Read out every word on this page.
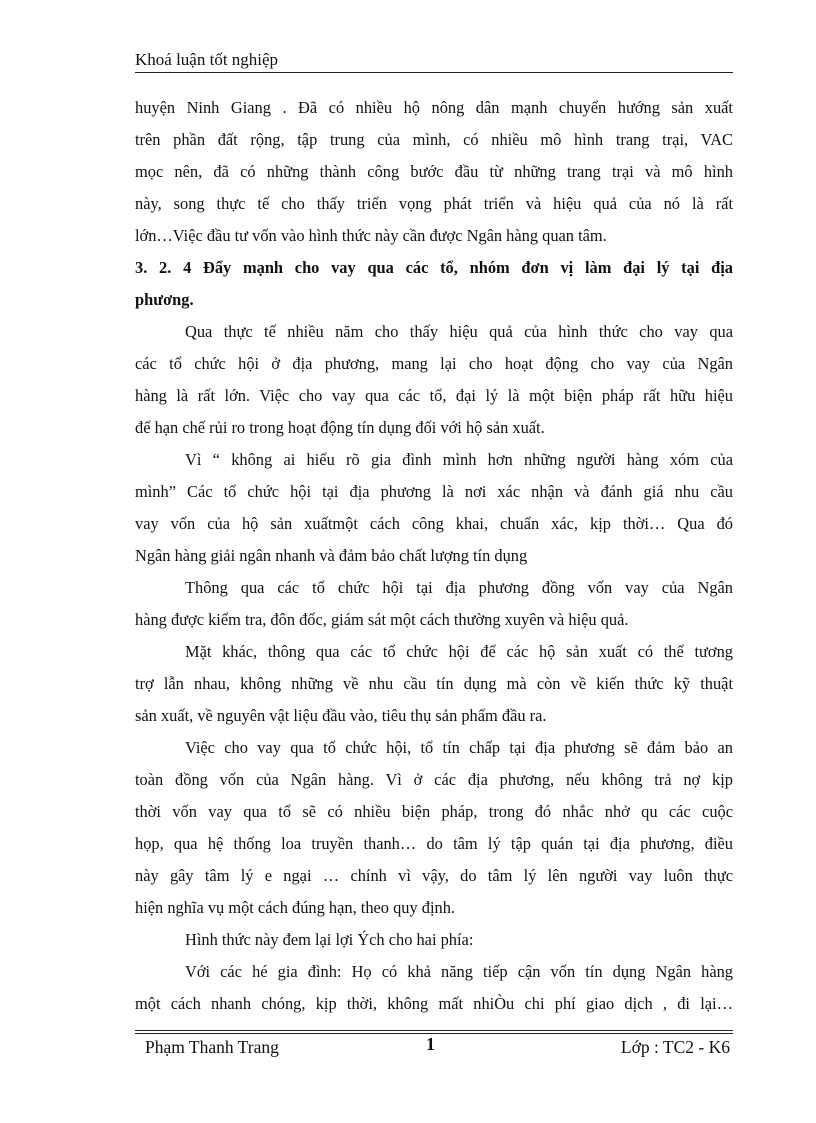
Khoá luận tốt nghiệp
huyện Ninh Giang . Đã có nhiều hộ nông dân mạnh chuyển hướng sản xuất
trên phần đất rộng, tập trung của mình, có nhiều mô hình trang trại, VAC
mọc nên, đã có những thành công bước đầu từ những trang trại và mô hình
này, song thực tế cho thấy triển vọng phát triển và hiệu quả của nó là rất
lớn…Việc đầu tư vốn vào hình thức này cần được Ngân hàng quan tâm.
3. 2. 4 Đẩy mạnh cho vay qua các tổ, nhóm đơn vị làm đại lý tại địa
phương.
Qua thực tế nhiều năm cho thấy hiệu quả của hình thức cho vay qua
các tổ chức hội ở địa phương, mang lại cho hoạt động cho vay của Ngân
hàng là rất lớn. Việc cho vay qua các tổ, đại lý là một biện pháp rất hữu hiệu
để hạn chế rủi ro trong hoạt động tín dụng đối với hộ sản xuất.
Vì “ không ai hiểu rõ gia đình mình hơn những người hàng xóm của
mình” Các tổ chức hội tại địa phương là nơi xác nhận và đánh giá nhu cầu
vay vốn của hộ sản xuấtmột cách công khai, chuẩn xác, kịp thời… Qua đó
Ngân hàng giải ngân nhanh và đảm bảo chất lượng tín dụng
Thông qua các tổ chức hội tại địa phương đồng vốn vay của Ngân
hàng được kiểm tra, đôn đốc, giám sát một cách thường xuyên và hiệu quả.
Mặt khác, thông qua các tổ chức hội để các hộ sản xuất có thể tương
trợ lẫn nhau, không những về nhu cầu tín dụng mà còn về kiến thức kỹ thuật
sản xuất, về nguyên vật liệu đầu vào, tiêu thụ sản phẩm đầu ra.
Việc cho vay qua tổ chức hội, tổ tín chấp tại địa phương sẽ đảm bảo an
toàn đồng vốn của Ngân hàng. Vì ở các địa phương, nếu không trả nợ kịp
thời vốn vay qua tổ sẽ có nhiều biện pháp, trong đó nhắc nhở qu các cuộc
họp, qua hệ thống loa truyền thanh… do tâm lý tập quán tại địa phương, điều
này gây tâm lý e ngại … chính vì vậy, do tâm lý lên người vay luôn thực
hiện nghĩa vụ một cách đúng hạn, theo quy định.
Hình thức này đem lại lợi Ých cho hai phía:
Với các hé gia đình: Họ có khả năng tiếp cận vốn tín dụng Ngân hàng
một cách nhanh chóng, kịp thời, không mất nhiÒu chi phí giao dịch , đi lại…
Phạm Thanh Trang	1	Lớp : TC2 - K6
